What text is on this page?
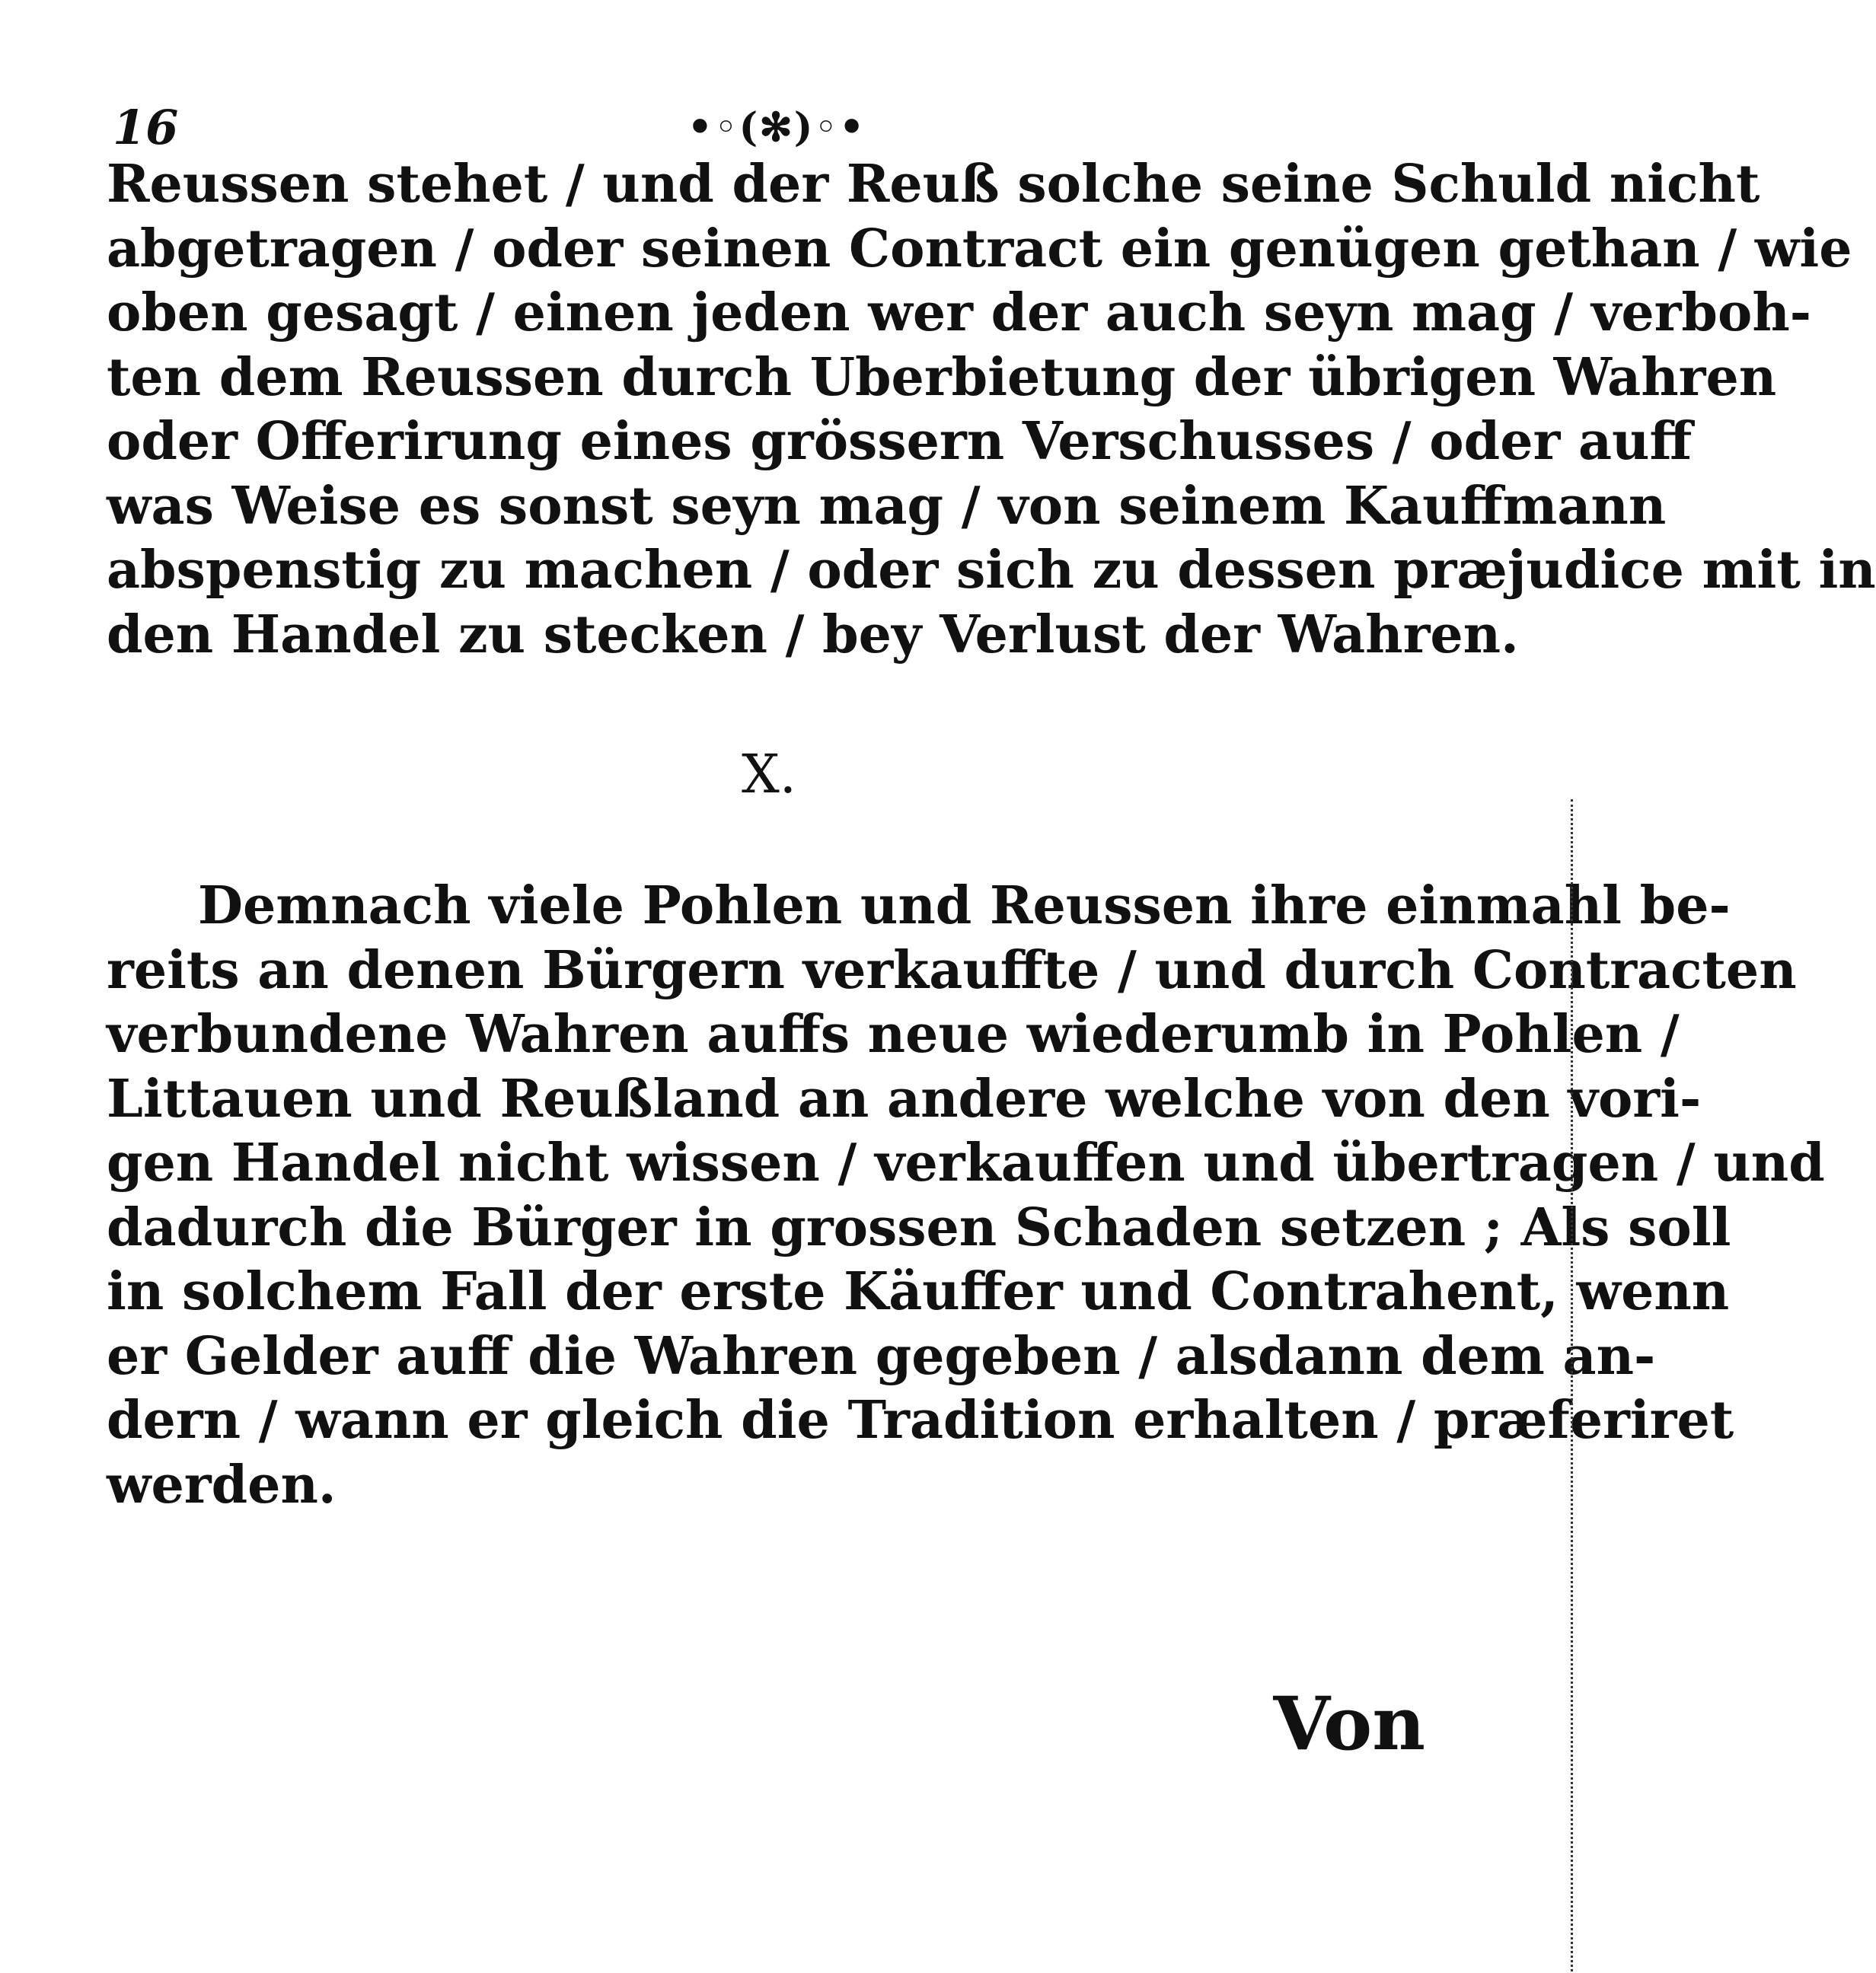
16	•◦(✻)◦•
Reussen stehet / und der Reuß solche seine Schuld nicht
abgetragen / oder seinen Contract ein genügen gethan / wie
oben gesagt / einen jeden wer der auch seyn mag / verboh-
ten dem Reussen durch Uberbietung der übrigen Wahren
oder Offerirung eines grössern Verschusses / oder auff
was Weise es sonst seyn mag / von seinem Kauffmann
abspenstig zu machen / oder sich zu dessen præjudice mit in
den Handel zu stecken / bey Verlust der Wahren.
X.
Demnach viele Pohlen und Reussen ihre einmahl be-
reits an denen Bürgern verkauffte / und durch Contracten
verbundene Wahren auffs neue wiederumb in Pohlen /
Littauen und Reußland an andere welche von den vori-
gen Handel nicht wissen / verkauffen und übertragen / und
dadurch die Bürger in grossen Schaden setzen ; Als soll
in solchem Fall der erste Käuffer und Contrahent, wenn
er Gelder auff die Wahren gegeben / alsdann dem an-
dern / wann er gleich die Tradition erhalten / præferiret
werden.
Von
